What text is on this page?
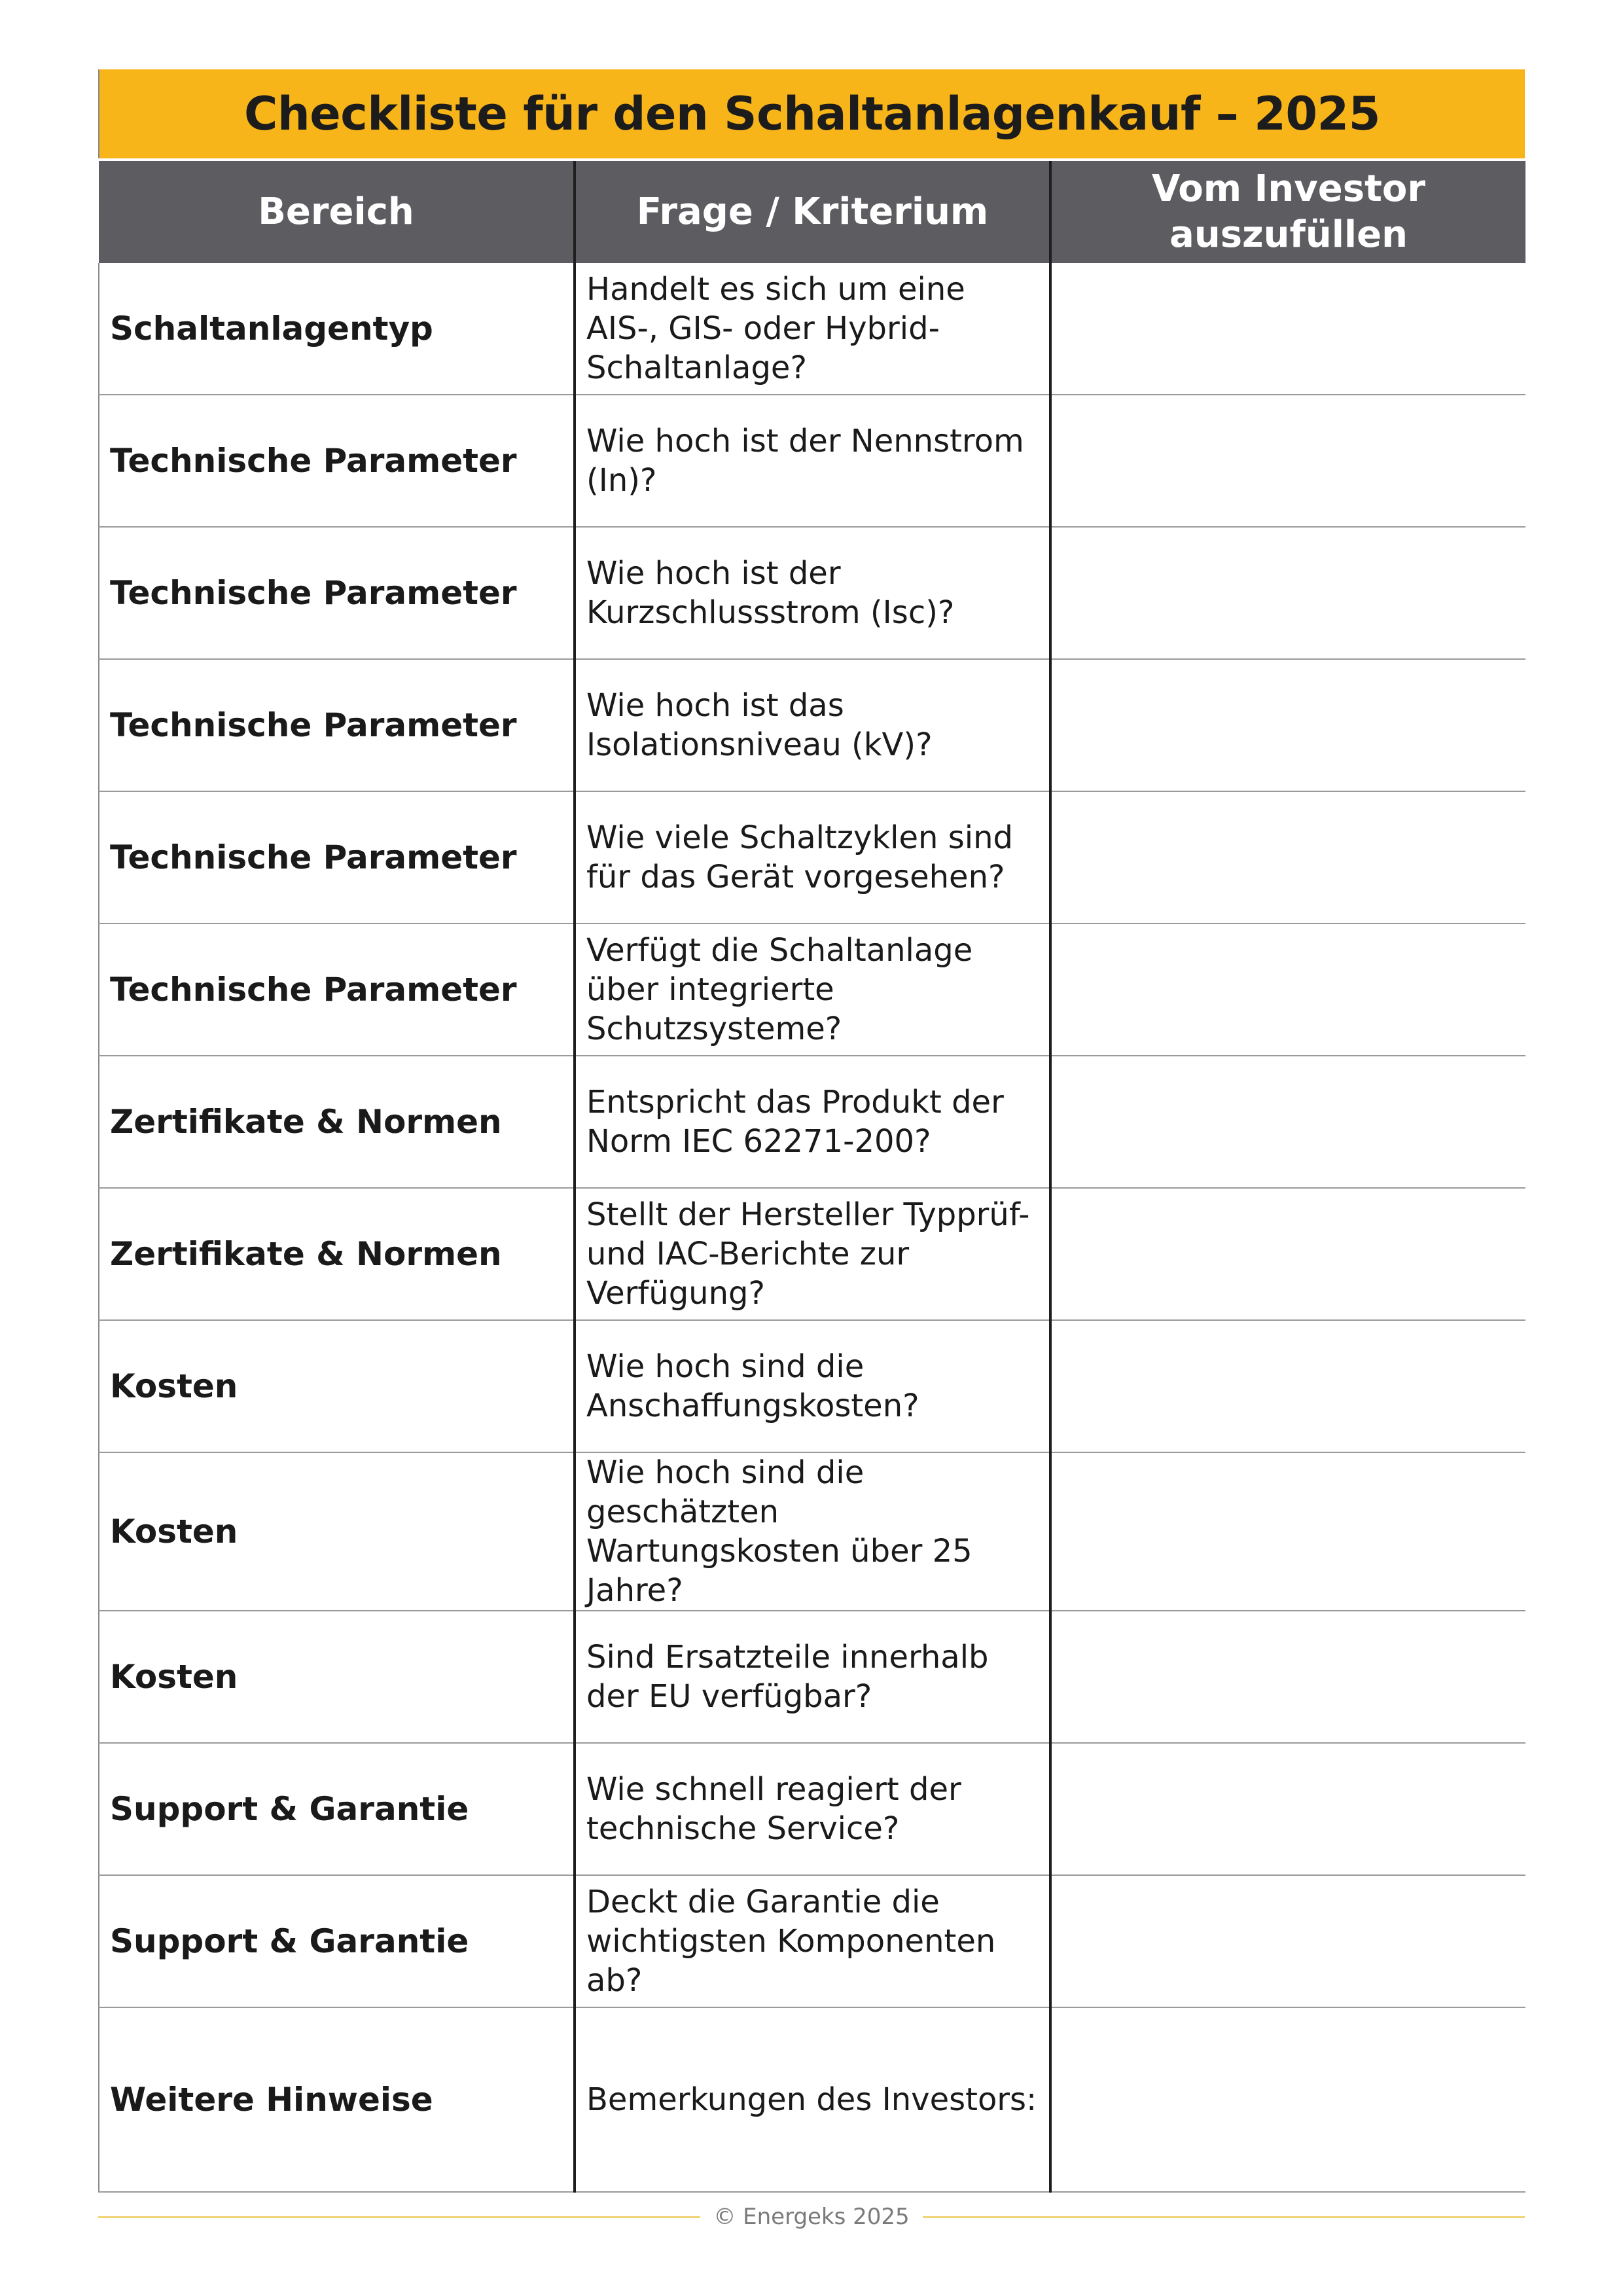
Checkliste für den Schaltanlagenkauf – 2025
Bereich	Frage / Kriterium	Vom Investor auszufüllen
Schaltanlagentyp	Handelt es sich um eine AIS-, GIS- oder Hybrid-Schaltanlage?	
Technische Parameter	Wie hoch ist der Nennstrom (In)?	
Technische Parameter	Wie hoch ist der Kurzschlussstrom (Isc)?	
Technische Parameter	Wie hoch ist das Isolationsniveau (kV)?	
Technische Parameter	Wie viele Schaltzyklen sind für das Gerät vorgesehen?	
Technische Parameter	Verfügt die Schaltanlage über integrierte Schutzsysteme?	
Zertifikate & Normen	Entspricht das Produkt der Norm IEC 62271-200?	
Zertifikate & Normen	Stellt der Hersteller Typprüf- und IAC-Berichte zur Verfügung?	
Kosten	Wie hoch sind die Anschaffungskosten?	
Kosten	Wie hoch sind die geschätzten Wartungskosten über 25 Jahre?	
Kosten	Sind Ersatzteile innerhalb der EU verfügbar?	
Support & Garantie	Wie schnell reagiert der technische Service?	
Support & Garantie	Deckt die Garantie die wichtigsten Komponenten ab?	
Weitere Hinweise	Bemerkungen des Investors:	
© Energeks 2025
